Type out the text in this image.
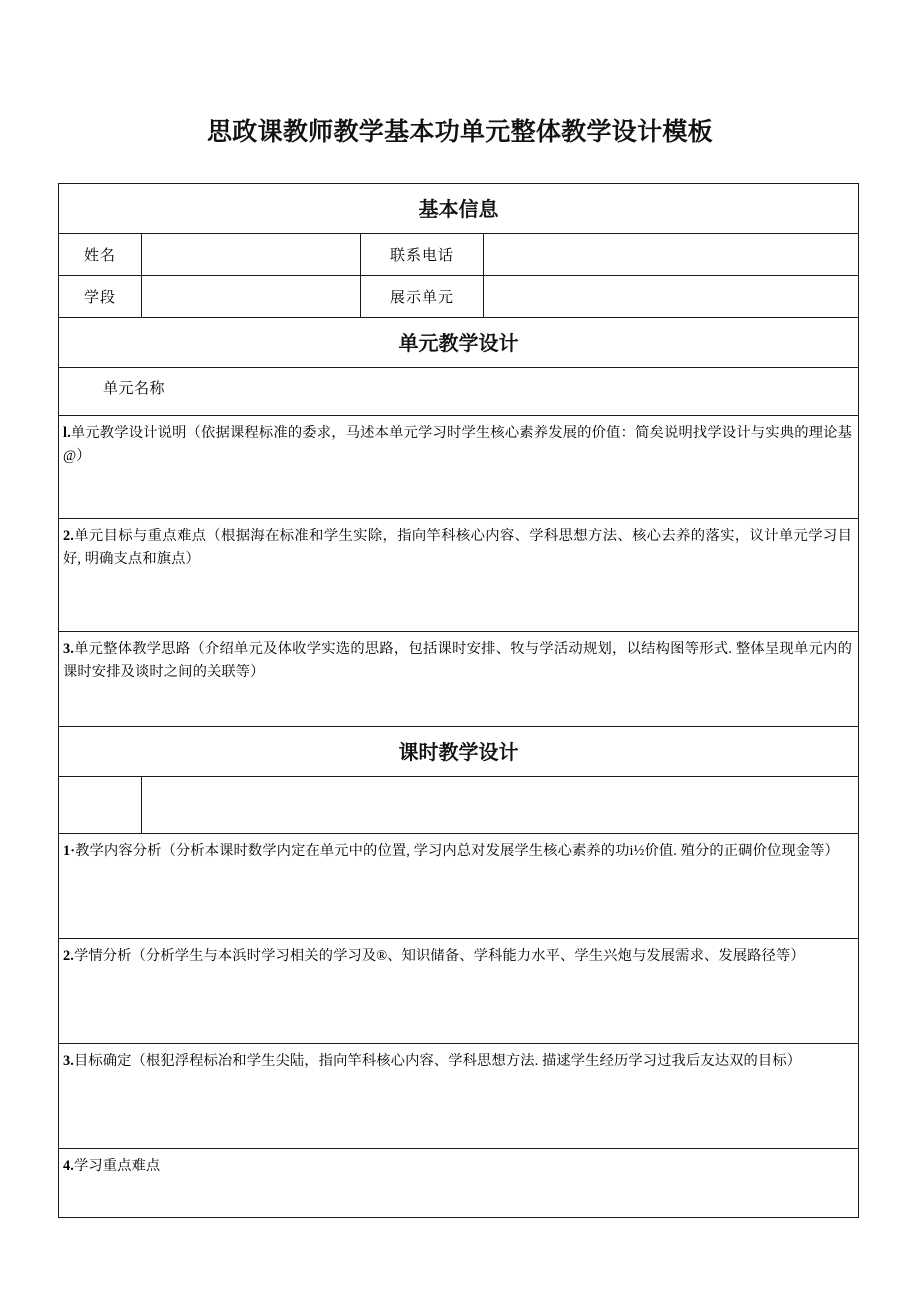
思政课教师教学基本功单元整体教学设计模板
基本信息			
姓名		联系电话	
学段		展示单元	
单元教学设计			
单元名称			
l.单元教学设计说明（依据课程标准的委求，马述本单元学习时学生核心素养发展的价值：简矣说明找学设计与实典的理论基@）			
2.单元目标与重点难点（根据海在标准和学生实除，指向竿科核心内容、学科思想方法、核心去养的落实，议计单元学习目好, 明确支点和旗点）			
3.单元整体教学思路（介绍单元及体收学实选的思路，包括课时安排、牧与学活动规划，以结构图等形式. 整体呈现单元内的课时安排及谈时之间的关联等）			
课时教学设计			

1·教学内容分析（分析本课时数学内定在单元中的位置, 学习内总对发展学生核心素养的功i½价值. 殖分的正碉价位现金等）			
2.学情分析（分析学生与本浜时学习相关的学习及®、知识储备、学科能力水平、学生兴炮与发展需求、发展路径等）			
3.目标确定（根犯浮程标冶和学生尖陆，指向竿科核心内容、学科思想方法. 描逑学生经历学习过我后友达双的目标）			
4.学习重点难点			
